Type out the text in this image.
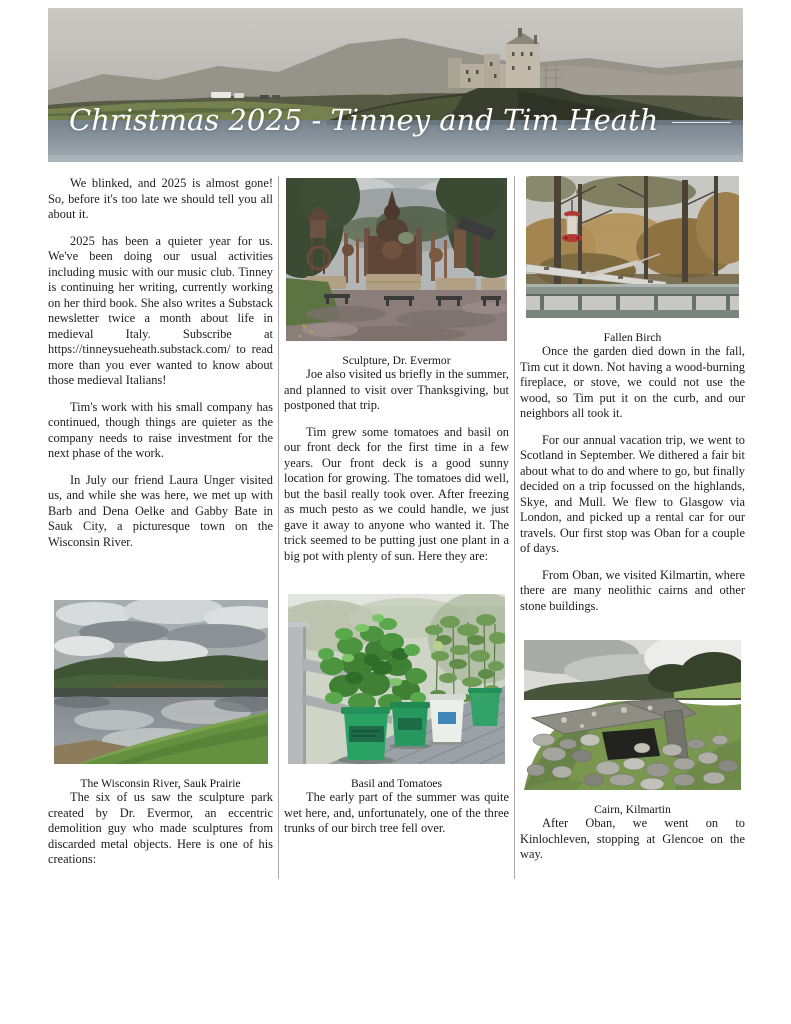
Christmas 2025 - Tinney and Tim Heath

We blinked, and 2025 is almost gone! So, before it's too late we should tell you all about it.

2025 has been a quieter year for us. We've been doing our usual activities including music with our music club. Tinney is continuing her writing, currently working on her third book. She also writes a Substack newsletter twice a month about life in medieval Italy. Subscribe at https://tinneysueheath.substack.com/ to read more than you ever wanted to know about those medieval Italians!

Tim's work with his small company has continued, though things are quieter as the company needs to raise investment for the next phase of the work.

In July our friend Laura Unger visited us, and while she was here, we met up with Barb and Dena Oelke and Gabby Bate in Sauk City, a picturesque town on the Wisconsin River.

The Wisconsin River, Sauk Prairie

The six of us saw the sculpture park created by Dr. Evermor, an eccentric demolition guy who made sculptures from discarded metal objects. Here is one of his creations:

Sculpture, Dr. Evermor

Joe also visited us briefly in the summer, and planned to visit over Thanksgiving, but postponed that trip.

Tim grew some tomatoes and basil on our front deck for the first time in a few years. Our front deck is a good sunny location for growing. The tomatoes did well, but the basil really took over. After freezing as much pesto as we could handle, we just gave it away to anyone who wanted it. The trick seemed to be putting just one plant in a big pot with plenty of sun. Here they are:

Basil and Tomatoes

The early part of the summer was quite wet here, and, unfortunately, one of the three trunks of our birch tree fell over.

Fallen Birch

Once the garden died down in the fall, Tim cut it down. Not having a wood-burning fireplace, or stove, we could not use the wood, so Tim put it on the curb, and our neighbors all took it.

For our annual vacation trip, we went to Scotland in September. We dithered a fair bit about what to do and where to go, but finally decided on a trip focussed on the highlands, Skye, and Mull. We flew to Glasgow via London, and picked up a rental car for our travels. Our first stop was Oban for a couple of days.

From Oban, we visited Kilmartin, where there are many neolithic cairns and other stone buildings.

Cairn, Kilmartin

After Oban, we went on to Kinlochleven, stopping at Glencoe on the way.
